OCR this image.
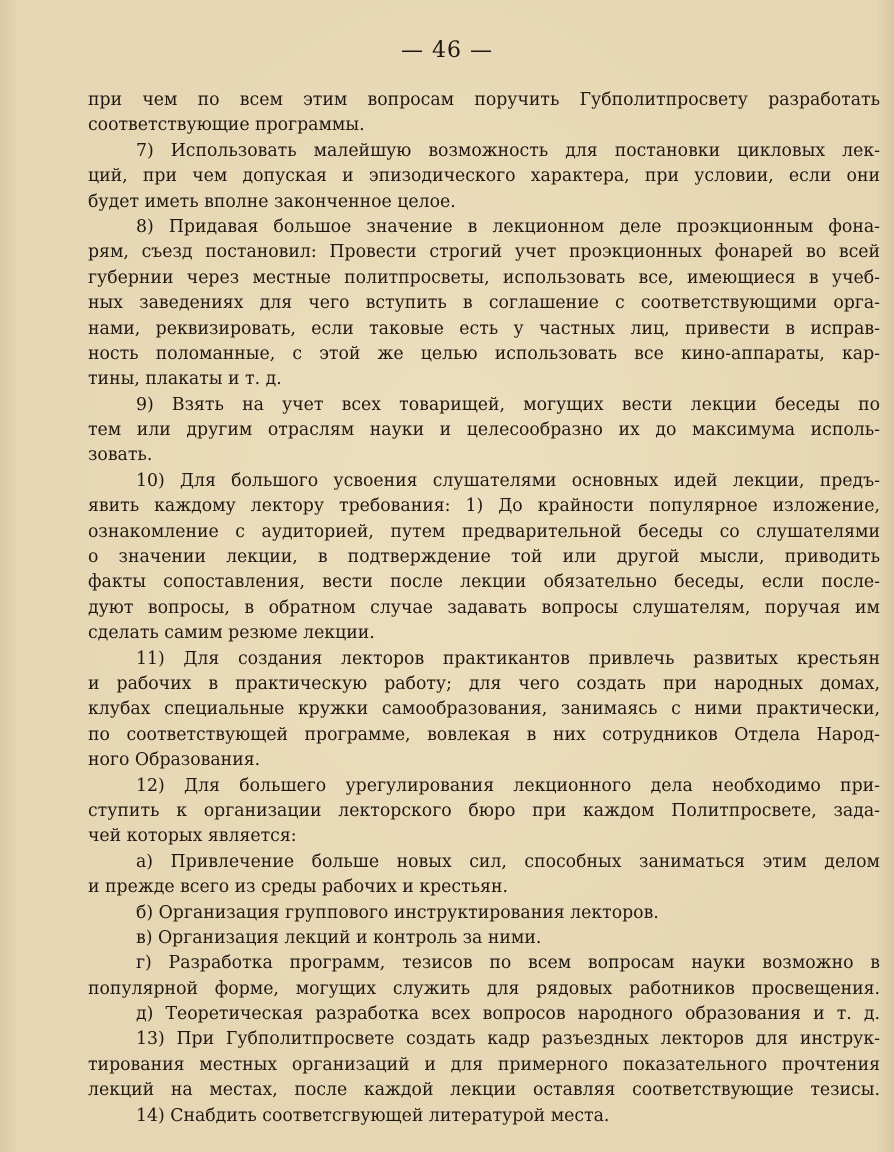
— 46 —
при чем по всем этим вопросам поручить Губполитпросвету разработать
соответствующие программы.
7) Использовать малейшую возможность для постановки цикловых лек-
ций, при чем допуская и эпизодического характера, при условии, если они
будет иметь вполне законченное целое.
8) Придавая большое значение в лекционном деле проэкционным фона-
рям, съезд постановил: Провести строгий учет проэкционных фонарей во всей
губернии через местные политпросветы, использовать все, имеющиеся в учеб-
ных заведениях для чего вступить в соглашение с соответствующими орга-
нами, реквизировать, если таковые есть у частных лиц, привести в исправ-
ность поломанные, с этой же целью использовать все кино-аппараты, кар-
тины, плакаты и т. д.
9) Взять на учет всех товарищей, могущих вести лекции беседы по
тем или другим отраслям науки и целесообразно их до максимума исполь-
зовать.
10) Для большого усвоения слушателями основных идей лекции, предъ-
явить каждому лектору требования: 1) До крайности популярное изложение,
ознакомление с аудиторией, путем предварительной беседы со слушателями
о значении лекции, в подтверждение той или другой мысли, приводить
факты сопоставления, вести после лекции обязательно беседы, если после-
дуют вопросы, в обратном случае задавать вопросы слушателям, поручая им
сделать самим резюме лекции.
11) Для создания лекторов практикантов привлечь развитых крестьян
и рабочих в практическую работу; для чего создать при народных домах,
клубах специальные кружки самообразования, занимаясь с ними практически,
по соответствующей программе, вовлекая в них сотрудников Отдела Народ-
ного Образования.
12) Для большего урегулирования лекционного дела необходимо при-
ступить к организации лекторского бюро при каждом Политпросвете, зада-
чей которых является:
а) Привлечение больше новых сил, способных заниматься этим делом
и прежде всего из среды рабочих и крестьян.
б) Организация группового инструктирования лекторов.
в) Организация лекций и контроль за ними.
г) Разработка программ, тезисов по всем вопросам науки возможно в
популярной форме, могущих служить для рядовых работников просвещения.
д) Теоретическая разработка всех вопросов народного образования и т. д.
13) При Губполитпросвете создать кадр разъездных лекторов для инструк-
тирования местных организаций и для примерного показательного прочтения
лекций на местах, после каждой лекции оставляя соответствующие тезисы.
14) Снабдить соответсгвующей литературой места.
